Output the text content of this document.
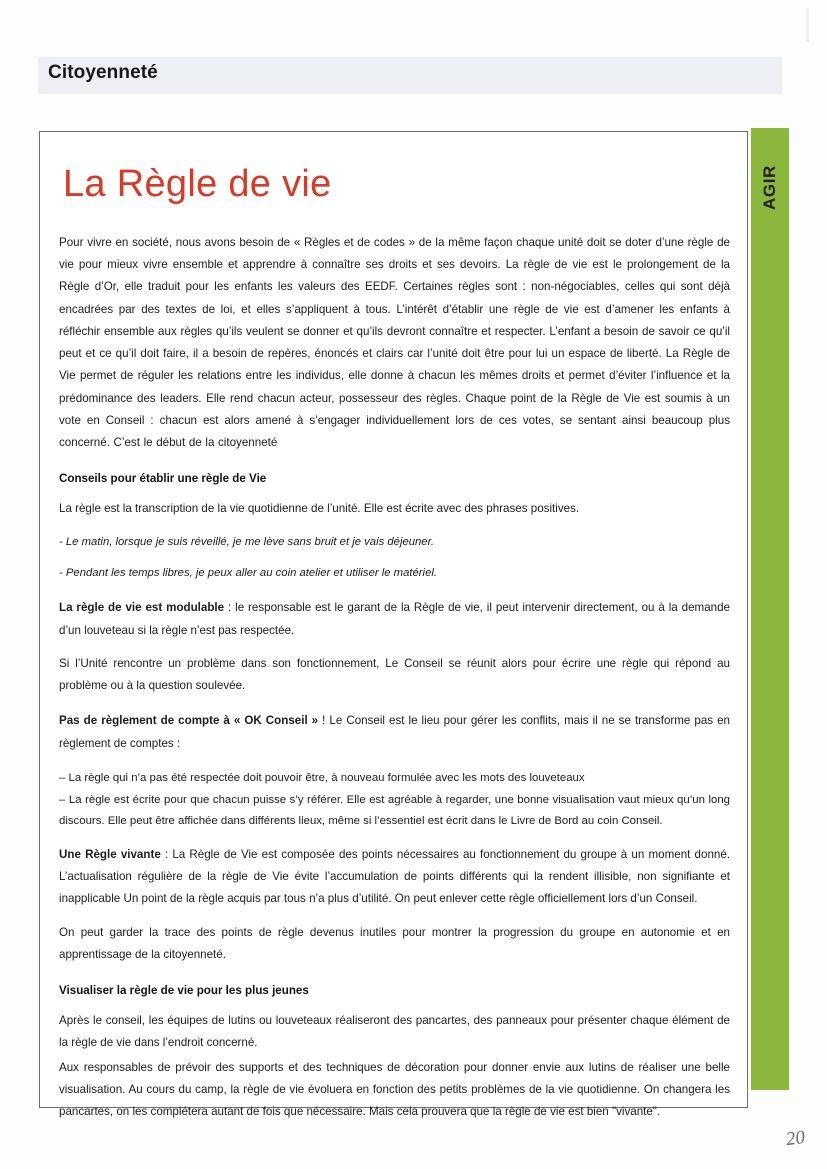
Citoyenneté
AGIR
La Règle de vie

Pour vivre en société, nous avons besoin de « Règles et de codes » de la même façon chaque unité doit se doter d’une règle de vie pour mieux vivre ensemble et apprendre à connaître ses droits et ses devoirs. La règle de vie est le prolongement de la Règle d’Or, elle traduit pour les enfants les valeurs des EEDF. Certaines règles sont : non-négociables, celles qui sont déjà encadrées par des textes de loi, et elles s’appliquent à tous. L’intérêt d’établir une règle de vie est d’amener les enfants à réfléchir ensemble aux règles qu’ils veulent se donner et qu’ils devront connaître et respecter. L’enfant a besoin de savoir ce qu’il peut et ce qu’il doit faire, il a besoin de repères, énoncés et clairs car l’unité doit être pour lui un espace de liberté. La Règle de Vie permet de réguler les relations entre les individus, elle donne à chacun les mêmes droits et permet d’éviter l’influence et la prédominance des leaders. Elle rend chacun acteur, possesseur des règles. Chaque point de la Règle de Vie est soumis à un vote en Conseil : chacun est alors amené à s’engager individuellement lors de ces votes, se sentant ainsi beaucoup plus concerné. C’est le début de la citoyenneté

Conseils pour établir une règle de Vie

La règle est la transcription de la vie quotidienne de l’unité. Elle est écrite avec des phrases positives.

- Le matin, lorsque je suis réveillé, je me lève sans bruit et je vais déjeuner.

- Pendant les temps libres, je peux aller au coin atelier et utiliser le matériel.

La règle de vie est modulable : le responsable est le garant de la Règle de vie, il peut intervenir directement, ou à la demande d’un louveteau si la règle n’est pas respectée.

Si l’Unité rencontre un problème dans son fonctionnement, Le Conseil se réunit alors pour écrire une règle qui répond au problème ou à la question soulevée.

Pas de règlement de compte à « OK Conseil » ! Le Conseil est le lieu pour gérer les conflits, mais il ne se transforme pas en règlement de comptes :

– La règle qui n’a pas été respectée doit pouvoir être, à nouveau formulée avec les mots des louveteaux

– La règle est écrite pour que chacun puisse s’y référer. Elle est agréable à regarder, une bonne visualisation vaut mieux qu’un long discours. Elle peut être affichée dans différents lieux, même si l’essentiel est écrit dans le Livre de Bord au coin Conseil.

Une Règle vivante : La Règle de Vie est composée des points nécessaires au fonctionnement du groupe à un moment donné. L’actualisation régulière de la règle de Vie évite l’accumulation de points différents qui la rendent illisible, non signifiante et inapplicable Un point de la règle acquis par tous n’a plus d’utilité. On peut enlever cette règle officiellement lors d’un Conseil.

On peut garder la trace des points de règle devenus inutiles pour montrer la progression du groupe en autonomie et en apprentissage de la citoyenneté.

Visualiser la règle de vie pour les plus jeunes

Après le conseil, les équipes de lutins ou louveteaux réaliseront des pancartes, des panneaux pour présenter chaque élément de la règle de vie dans l’endroit concerné.

Aux responsables de prévoir des supports et des techniques de décoration pour donner envie aux lutins de réaliser une belle visualisation. Au cours du camp, la règle de vie évoluera en fonction des petits problèmes de la vie quotidienne. On changera les pancartes, on les complétera autant de fois que nécessaire. Mais cela prouvera que la règle de vie est bien "vivante".

20
